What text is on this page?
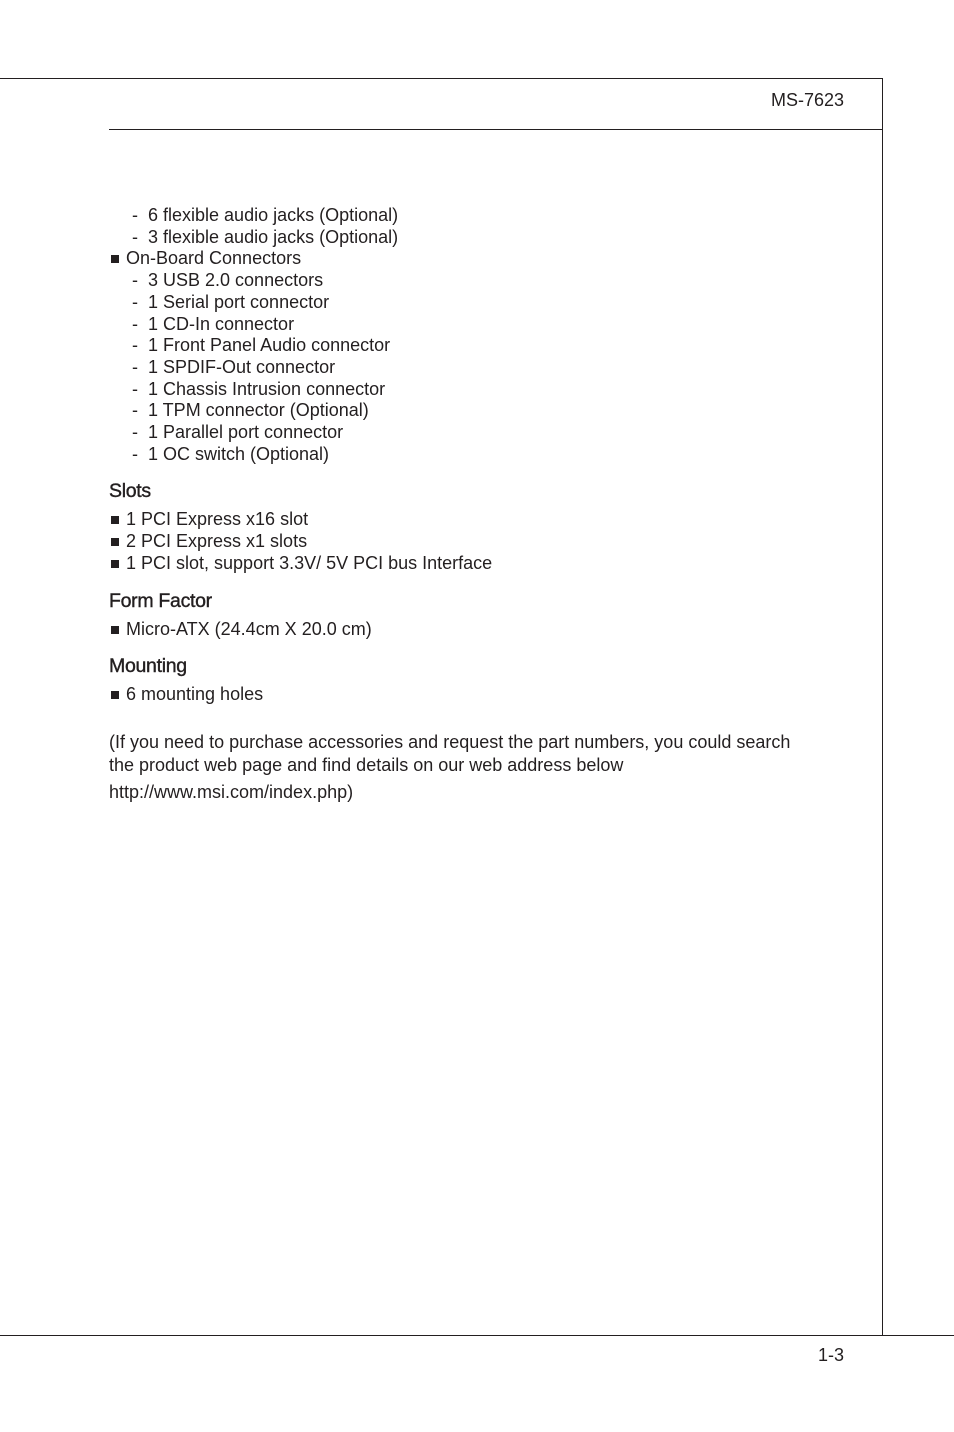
MS-7623
-  6 flexible audio jacks (Optional)
-  3 flexible audio jacks (Optional)
On-Board Connectors
-  3 USB 2.0 connectors
-  1 Serial port connector
-  1 CD-In connector
-  1 Front Panel Audio connector
-  1 SPDIF-Out connector
-  1 Chassis Intrusion connector
-  1 TPM connector (Optional)
-  1 Parallel port connector
-  1 OC switch (Optional)
Slots
1 PCI Express x16 slot
2 PCI Express x1 slots
1 PCI slot, support 3.3V/ 5V PCI bus Interface
Form Factor
Micro-ATX (24.4cm X 20.0 cm)
Mounting
6 mounting holes

(If you need to purchase accessories and request the part numbers, you could search

the product web page and find details on our web address below

http://www.msi.com/index.php)

1-3
